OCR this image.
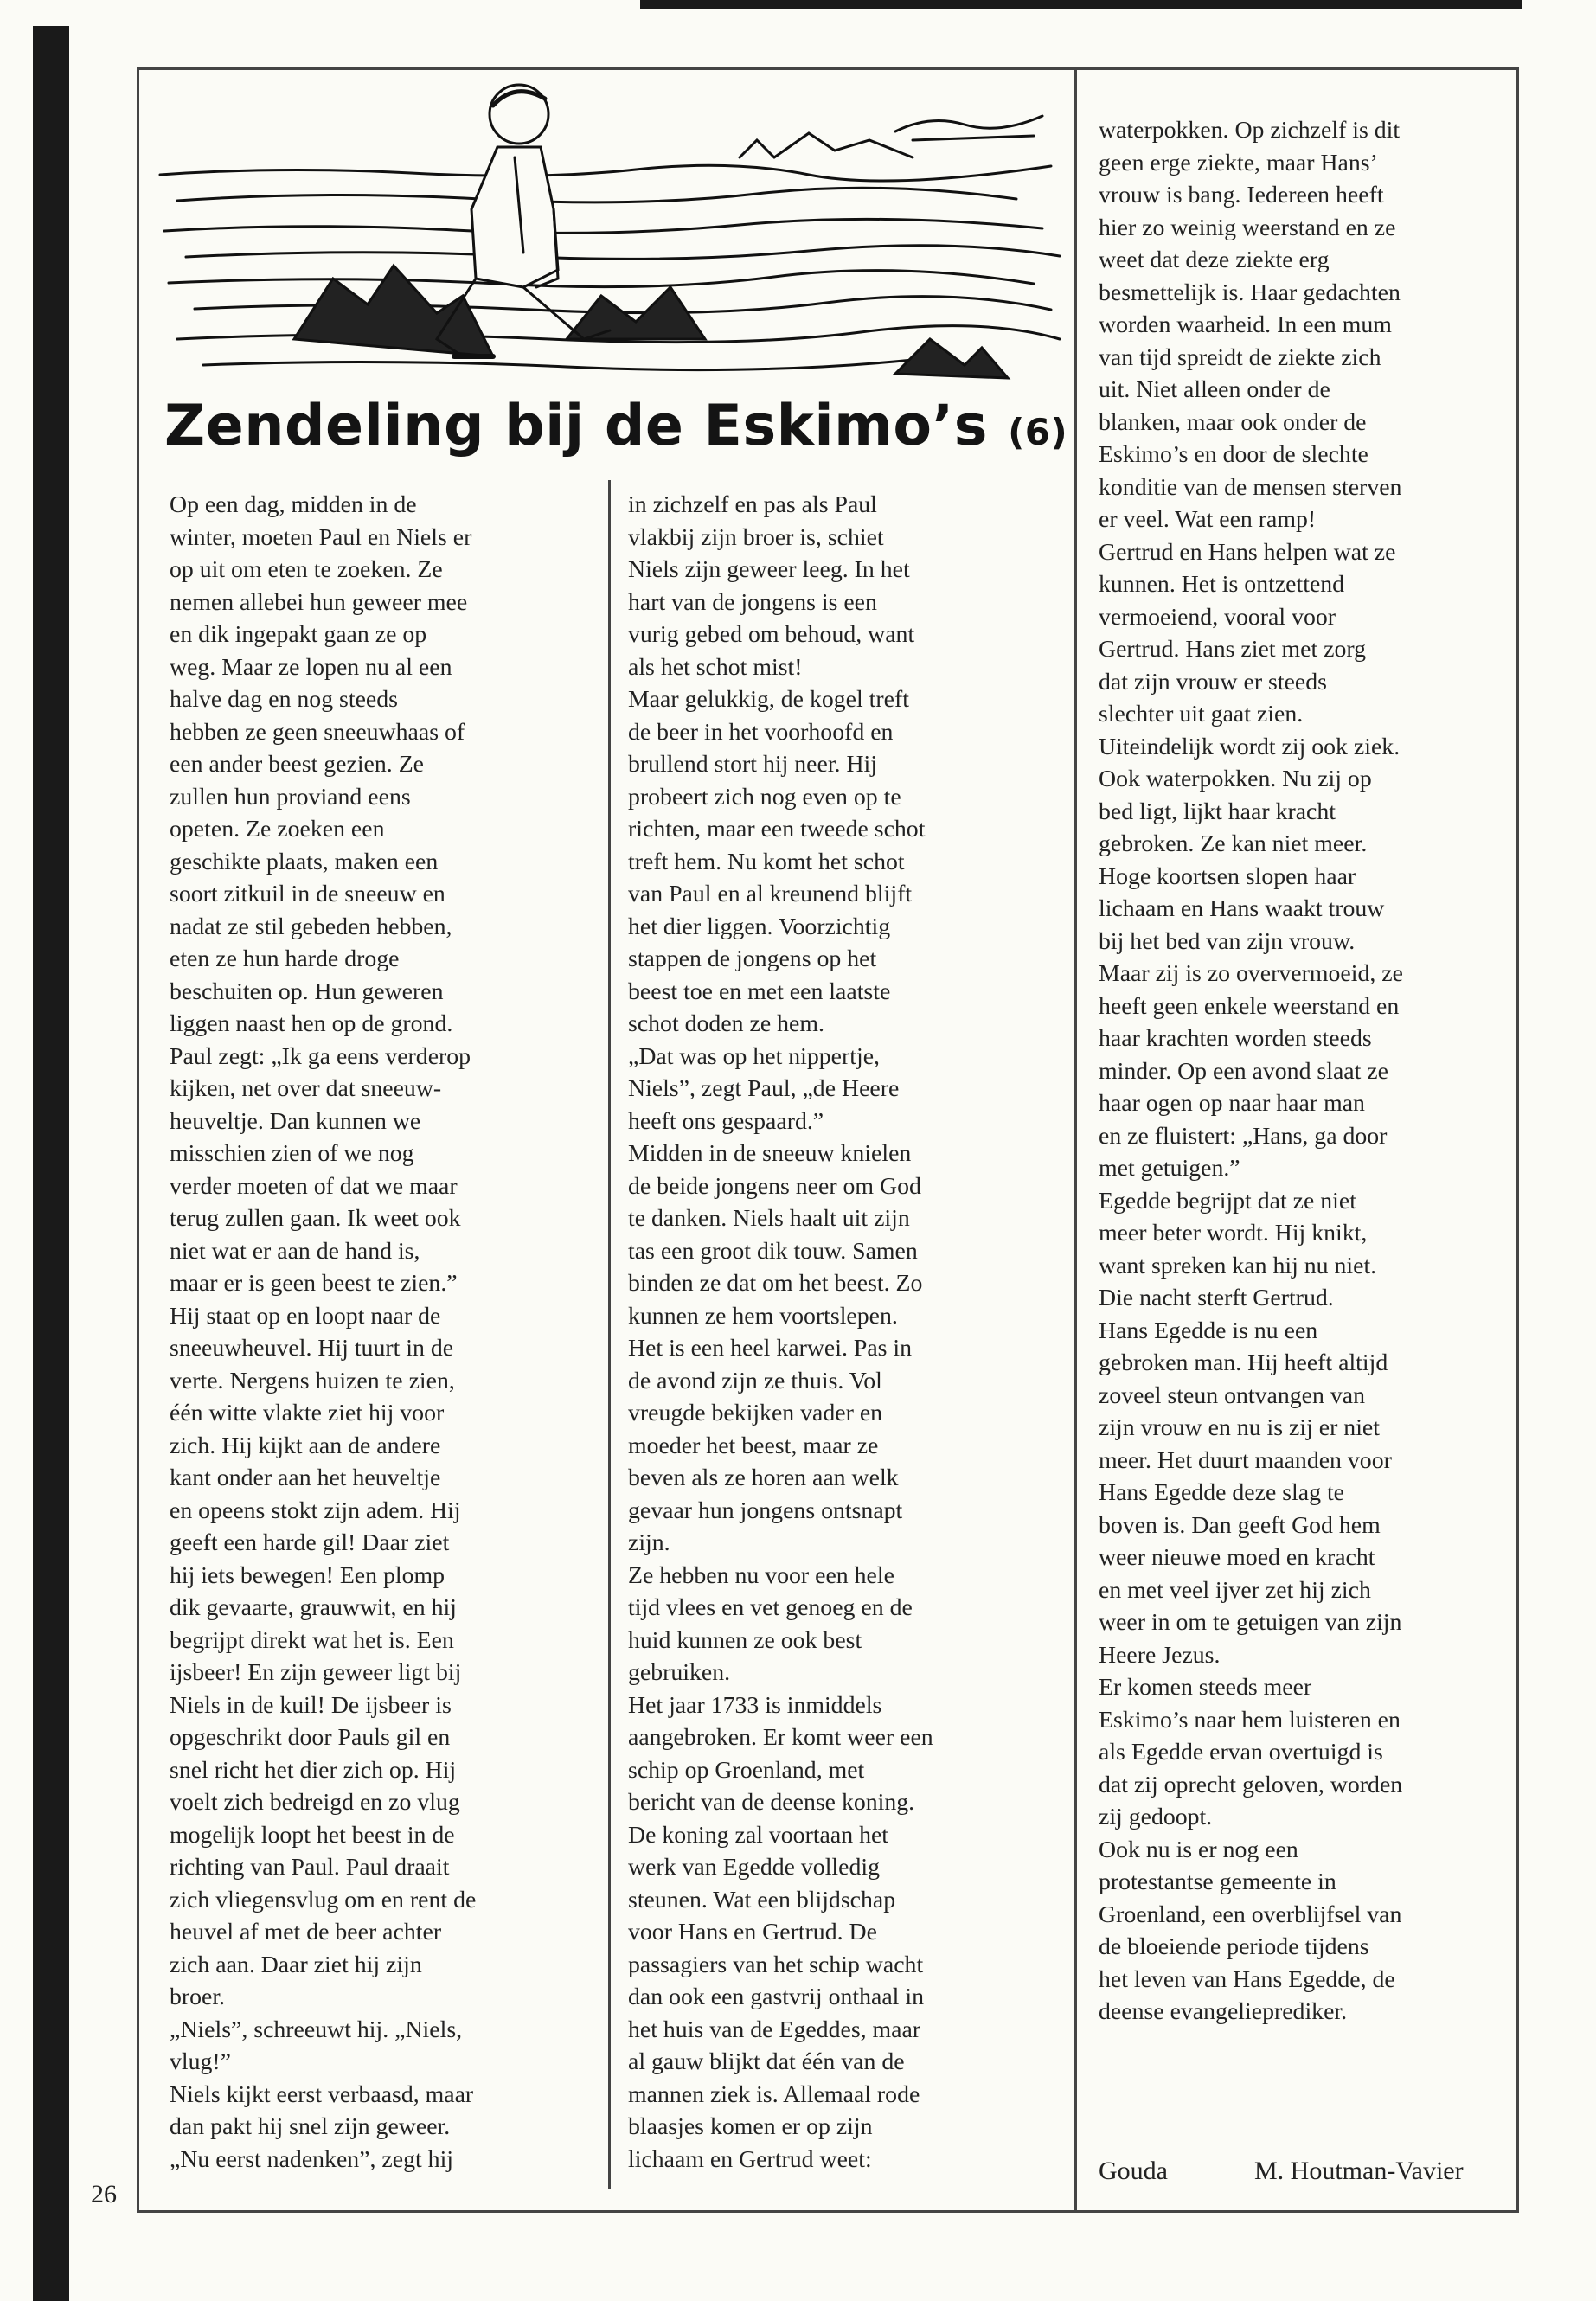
Zendeling bij de Eskimo’s (6)
Op een dag, midden in de
winter, moeten Paul en Niels er
op uit om eten te zoeken. Ze
nemen allebei hun geweer mee
en dik ingepakt gaan ze op
weg. Maar ze lopen nu al een
halve dag en nog steeds
hebben ze geen sneeuwhaas of
een ander beest gezien. Ze
zullen hun proviand eens
opeten. Ze zoeken een
geschikte plaats, maken een
soort zitkuil in de sneeuw en
nadat ze stil gebeden hebben,
eten ze hun harde droge
beschuiten op. Hun geweren
liggen naast hen op de grond.
Paul zegt: „Ik ga eens verderop
kijken, net over dat sneeuw-
heuveltje. Dan kunnen we
misschien zien of we nog
verder moeten of dat we maar
terug zullen gaan. Ik weet ook
niet wat er aan de hand is,
maar er is geen beest te zien.”
Hij staat op en loopt naar de
sneeuwheuvel. Hij tuurt in de
verte. Nergens huizen te zien,
één witte vlakte ziet hij voor
zich. Hij kijkt aan de andere
kant onder aan het heuveltje
en opeens stokt zijn adem. Hij
geeft een harde gil! Daar ziet
hij iets bewegen! Een plomp
dik gevaarte, grauwwit, en hij
begrijpt direkt wat het is. Een
ijsbeer! En zijn geweer ligt bij
Niels in de kuil! De ijsbeer is
opgeschrikt door Pauls gil en
snel richt het dier zich op. Hij
voelt zich bedreigd en zo vlug
mogelijk loopt het beest in de
richting van Paul. Paul draait
zich vliegensvlug om en rent de
heuvel af met de beer achter
zich aan. Daar ziet hij zijn
broer.
„Niels”, schreeuwt hij. „Niels,
vlug!”
Niels kijkt eerst verbaasd, maar
dan pakt hij snel zijn geweer.
„Nu eerst nadenken”, zegt hij
in zichzelf en pas als Paul
vlakbij zijn broer is, schiet
Niels zijn geweer leeg. In het
hart van de jongens is een
vurig gebed om behoud, want
als het schot mist!
Maar gelukkig, de kogel treft
de beer in het voorhoofd en
brullend stort hij neer. Hij
probeert zich nog even op te
richten, maar een tweede schot
treft hem. Nu komt het schot
van Paul en al kreunend blijft
het dier liggen. Voorzichtig
stappen de jongens op het
beest toe en met een laatste
schot doden ze hem.
„Dat was op het nippertje,
Niels”, zegt Paul, „de Heere
heeft ons gespaard.”
Midden in de sneeuw knielen
de beide jongens neer om God
te danken. Niels haalt uit zijn
tas een groot dik touw. Samen
binden ze dat om het beest. Zo
kunnen ze hem voortslepen.
Het is een heel karwei. Pas in
de avond zijn ze thuis. Vol
vreugde bekijken vader en
moeder het beest, maar ze
beven als ze horen aan welk
gevaar hun jongens ontsnapt
zijn.
Ze hebben nu voor een hele
tijd vlees en vet genoeg en de
huid kunnen ze ook best
gebruiken.
Het jaar 1733 is inmiddels
aangebroken. Er komt weer een
schip op Groenland, met
bericht van de deense koning.
De koning zal voortaan het
werk van Egedde volledig
steunen. Wat een blijdschap
voor Hans en Gertrud. De
passagiers van het schip wacht
dan ook een gastvrij onthaal in
het huis van de Egeddes, maar
al gauw blijkt dat één van de
mannen ziek is. Allemaal rode
blaasjes komen er op zijn
lichaam en Gertrud weet:
waterpokken. Op zichzelf is dit
geen erge ziekte, maar Hans’
vrouw is bang. Iedereen heeft
hier zo weinig weerstand en ze
weet dat deze ziekte erg
besmettelijk is. Haar gedachten
worden waarheid. In een mum
van tijd spreidt de ziekte zich
uit. Niet alleen onder de
blanken, maar ook onder de
Eskimo’s en door de slechte
konditie van de mensen sterven
er veel. Wat een ramp!
Gertrud en Hans helpen wat ze
kunnen. Het is ontzettend
vermoeiend, vooral voor
Gertrud. Hans ziet met zorg
dat zijn vrouw er steeds
slechter uit gaat zien.
Uiteindelijk wordt zij ook ziek.
Ook waterpokken. Nu zij op
bed ligt, lijkt haar kracht
gebroken. Ze kan niet meer.
Hoge koortsen slopen haar
lichaam en Hans waakt trouw
bij het bed van zijn vrouw.
Maar zij is zo oververmoeid, ze
heeft geen enkele weerstand en
haar krachten worden steeds
minder. Op een avond slaat ze
haar ogen op naar haar man
en ze fluistert: „Hans, ga door
met getuigen.”
Egedde begrijpt dat ze niet
meer beter wordt. Hij knikt,
want spreken kan hij nu niet.
Die nacht sterft Gertrud.
Hans Egedde is nu een
gebroken man. Hij heeft altijd
zoveel steun ontvangen van
zijn vrouw en nu is zij er niet
meer. Het duurt maanden voor
Hans Egedde deze slag te
boven is. Dan geeft God hem
weer nieuwe moed en kracht
en met veel ijver zet hij zich
weer in om te getuigen van zijn
Heere Jezus.
Er komen steeds meer
Eskimo’s naar hem luisteren en
als Egedde ervan overtuigd is
dat zij oprecht geloven, worden
zij gedoopt.
Ook nu is er nog een
protestantse gemeente in
Groenland, een overblijfsel van
de bloeiende periode tijdens
het leven van Hans Egedde, de
deense evangelieprediker.
26
Gouda	M. Houtman-Vavier
